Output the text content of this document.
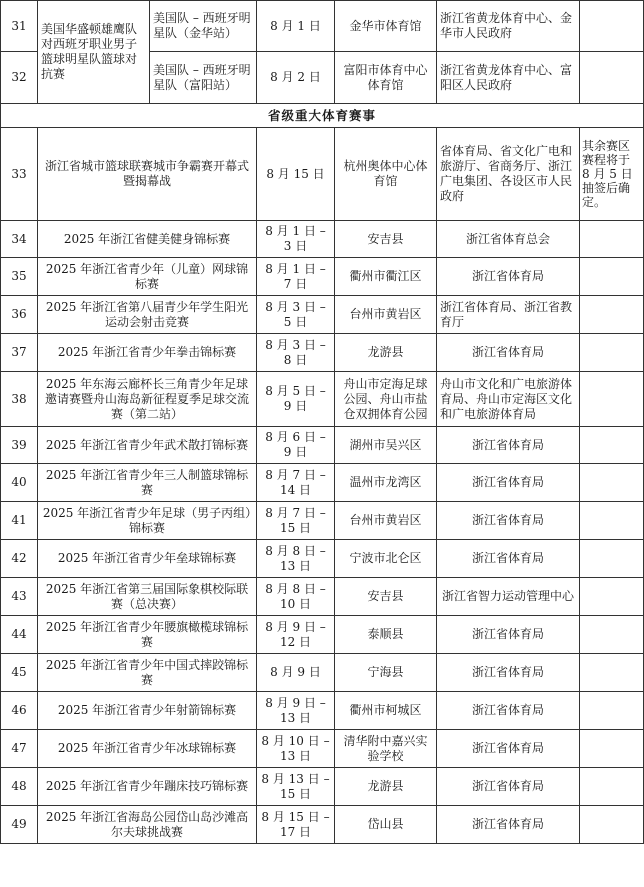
31	美国华盛顿雄鹰队对西班牙职业男子篮球明星队篮球对抗赛	美国队 – 西班牙明星队（金华站）	8 月 1 日	金华市体育馆	浙江省黄龙体育中心、金华市人民政府	
32		美国队 – 西班牙明星队（富阳站）	8 月 2 日	富阳市体育中心体育馆	浙江省黄龙体育中心、富阳区人民政府	
省级重大体育赛事						
33	浙江省城市篮球联赛城市争霸赛开幕式暨揭幕战		8 月 15 日	杭州奥体中心体育馆	省体育局、省文化广电和旅游厅、省商务厅、浙江广电集团、各设区市人民政府	其余赛区赛程将于 8 月 5 日抽签后确定。
34	2025 年浙江省健美健身锦标赛		8 月 1 日 – 3 日	安吉县	浙江省体育总会	
35	2025 年浙江省青少年（儿童）网球锦标赛		8 月 1 日 – 7 日	衢州市衢江区	浙江省体育局	
36	2025 年浙江省第八届青少年学生阳光运动会射击竞赛		8 月 3 日 – 5 日	台州市黄岩区	浙江省体育局、浙江省教育厅	
37	2025 年浙江省青少年拳击锦标赛		8 月 3 日 – 8 日	龙游县	浙江省体育局	
38	2025 年东海云廊杯长三角青少年足球邀请赛暨舟山海岛新征程夏季足球交流赛（第二站）		8 月 5 日 – 9 日	舟山市定海足球公园、舟山市盐仓双拥体育公园	舟山市文化和广电旅游体育局、舟山市定海区文化和广电旅游体育局	
39	2025 年浙江省青少年武术散打锦标赛		8 月 6 日 – 9 日	湖州市吴兴区	浙江省体育局	
40	2025 年浙江省青少年三人制篮球锦标赛		8 月 7 日 – 14 日	温州市龙湾区	浙江省体育局	
41	2025 年浙江省青少年足球（男子丙组）锦标赛		8 月 7 日 – 15 日	台州市黄岩区	浙江省体育局	
42	2025 年浙江省青少年垒球锦标赛		8 月 8 日 – 13 日	宁波市北仑区	浙江省体育局	
43	2025 年浙江省第三届国际象棋校际联赛（总决赛）		8 月 8 日 – 10 日	安吉县	浙江省智力运动管理中心	
44	2025 年浙江省青少年腰旗橄榄球锦标赛		8 月 9 日 – 12 日	泰顺县	浙江省体育局	
45	2025 年浙江省青少年中国式摔跤锦标赛		8 月 9 日	宁海县	浙江省体育局	
46	2025 年浙江省青少年射箭锦标赛		8 月 9 日 – 13 日	衢州市柯城区	浙江省体育局	
47	2025 年浙江省青少年冰球锦标赛		8 月 10 日 – 13 日	清华附中嘉兴实验学校	浙江省体育局	
48	2025 年浙江省青少年蹦床技巧锦标赛		8 月 13 日 – 15 日	龙游县	浙江省体育局	
49	2025 年浙江省海岛公园岱山岛沙滩高尔夫球挑战赛		8 月 15 日 – 17 日	岱山县	浙江省体育局	
